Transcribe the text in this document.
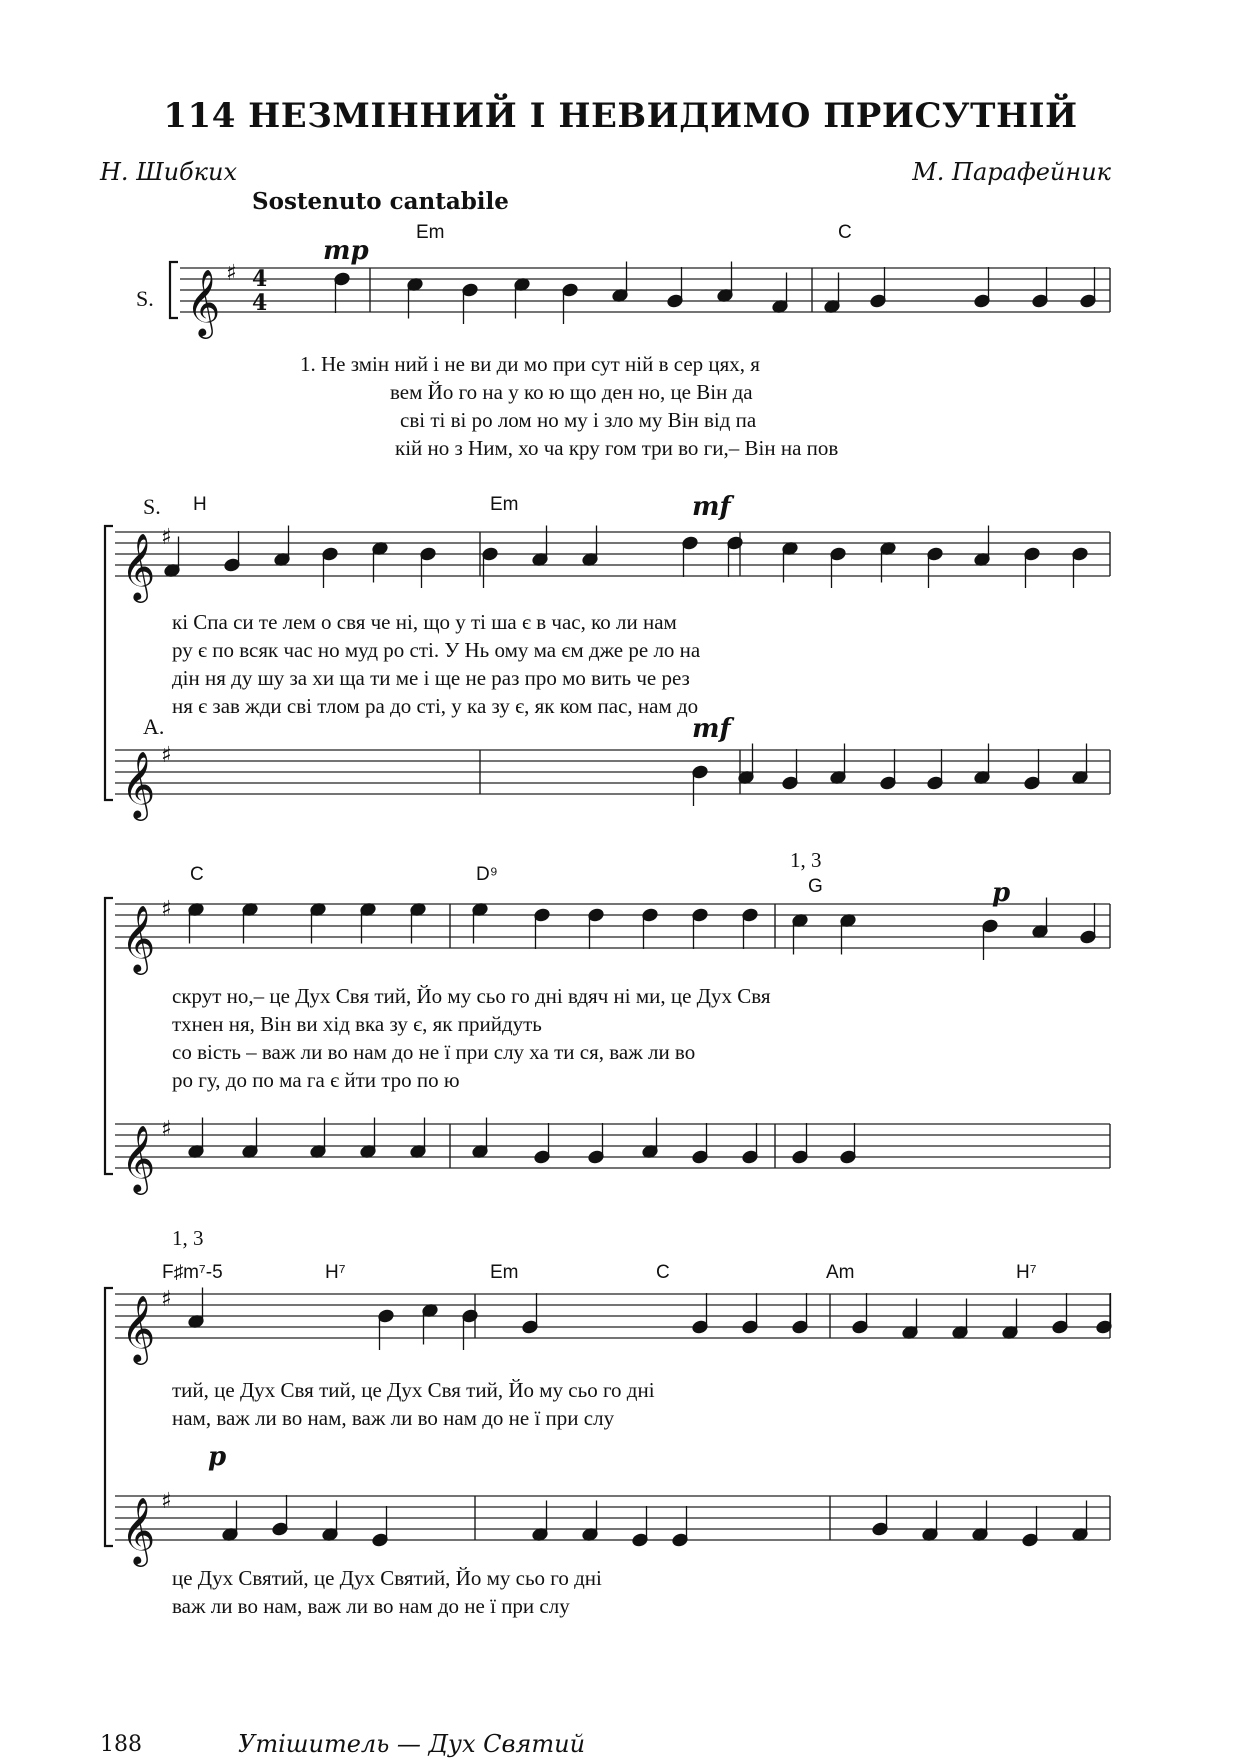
114 НЕЗМІННИЙ І НЕВИДИМО ПРИСУТНІЙ
Н. Шибких	М. Парафейник
Sostenuto cantabile
𝄞 ♯
𝄞 ♯
𝄞 ♯
𝄞 ♯
𝄞 ♯
𝄞 ♯
𝄞 ♯
S.
S.
A.
4
4
mp
mf
mf
p
p
Em	C
H	Em
C	D⁹
G
F♯m⁷-5	H⁷	Em	C	Am	H⁷
1, 3
1, 3
1. Не змін ний і не ви ди мо при сут ній в сер цях, я
вем Йо го на у ко ю що ден но, це Він да
сві ті ві ро лом но му і зло му Він від па
кій но з Ним, хо ча кру гом три во ги,– Він на пов
кі Спа си те лем о свя че ні, що у ті ша є в час, ко ли нам
ру є по всяк час но муд ро сті. У Нь ому ма єм дже ре ло на
дін ня ду шу за хи ща ти ме і ще не раз про мо вить че рез
ня є зав жди сві тлом ра до сті, у ка зу є, як ком пас, нам до
скрут но,– це Дух Свя тий, Йо му сьо го дні вдяч ні ми, це Дух Свя
тхнен ня, Він ви хід вка зу є, як прийдуть
со вість – важ ли во нам до не ї при слу ха ти ся, важ ли во
ро гу, до по ма га є йти тро по ю
тий, це Дух Свя тий, це Дух Свя тий, Йо му сьо го дні
нам, важ ли во нам, важ ли во нам до не ї при слу
це Дух Святий, це Дух Святий, Йо му сьо го дні
важ ли во нам, важ ли во нам до не ї при слу
188	Утішитель — Дух Святий
